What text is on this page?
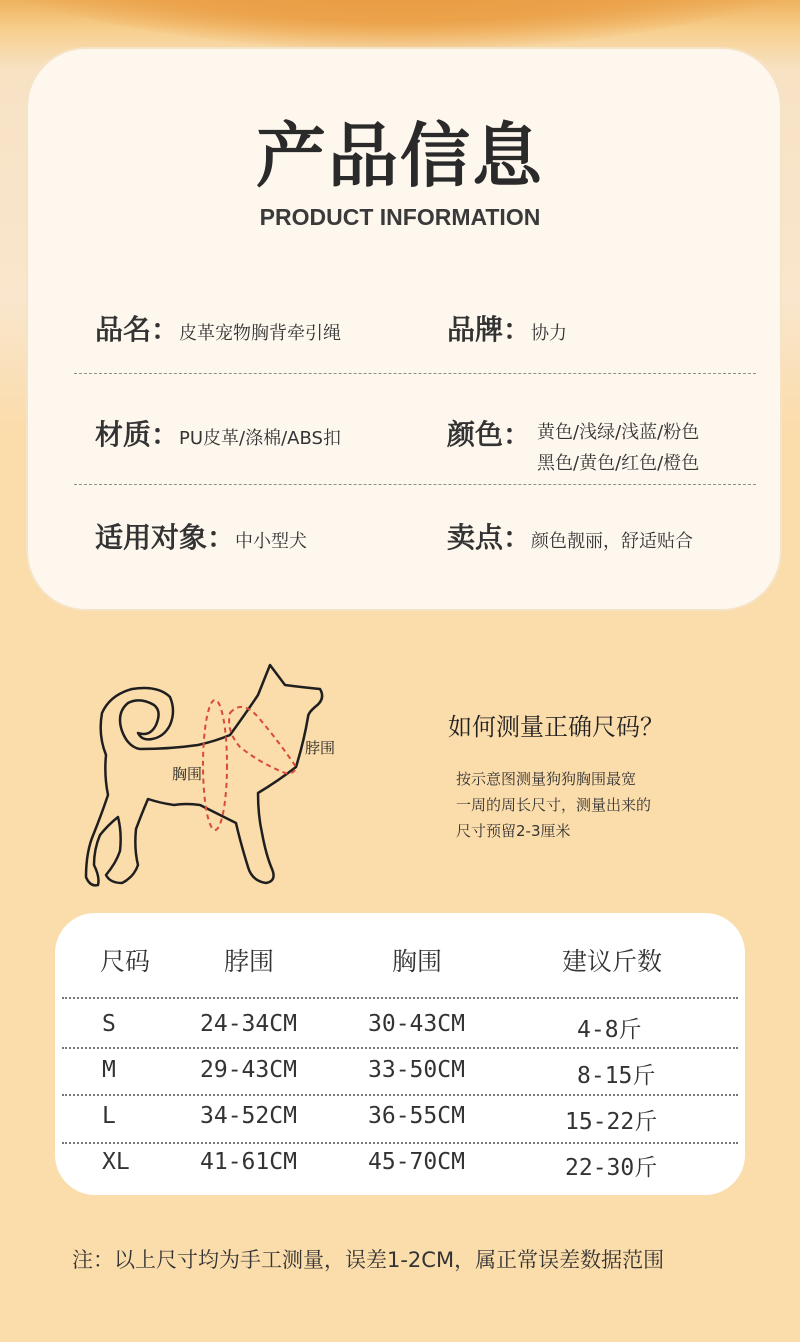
产品信息
PRODUCT INFORMATION
品名：皮革宠物胸背牵引绳	品牌：协力
材质：PU皮革/涤棉/ABS扣	颜色： 黄色/浅绿/浅蓝/粉色
黑色/黄色/红色/橙色
适用对象：中小型犬	卖点：颜色靓丽，舒适贴合
脖围
胸围
如何测量正确尺码？
按示意图测量狗狗胸围最宽
一周的周长尺寸，测量出来的
尺寸预留2-3厘米
尺码	脖围	胸围	建议斤数
S	24-34CM	30-43CM	4-8斤
M	29-43CM	33-50CM	8-15斤
L	34-52CM	36-55CM	15-22斤
XL	41-61CM	45-70CM	22-30斤
注：以上尺寸均为手工测量，误差1-2CM，属正常误差数据范围
